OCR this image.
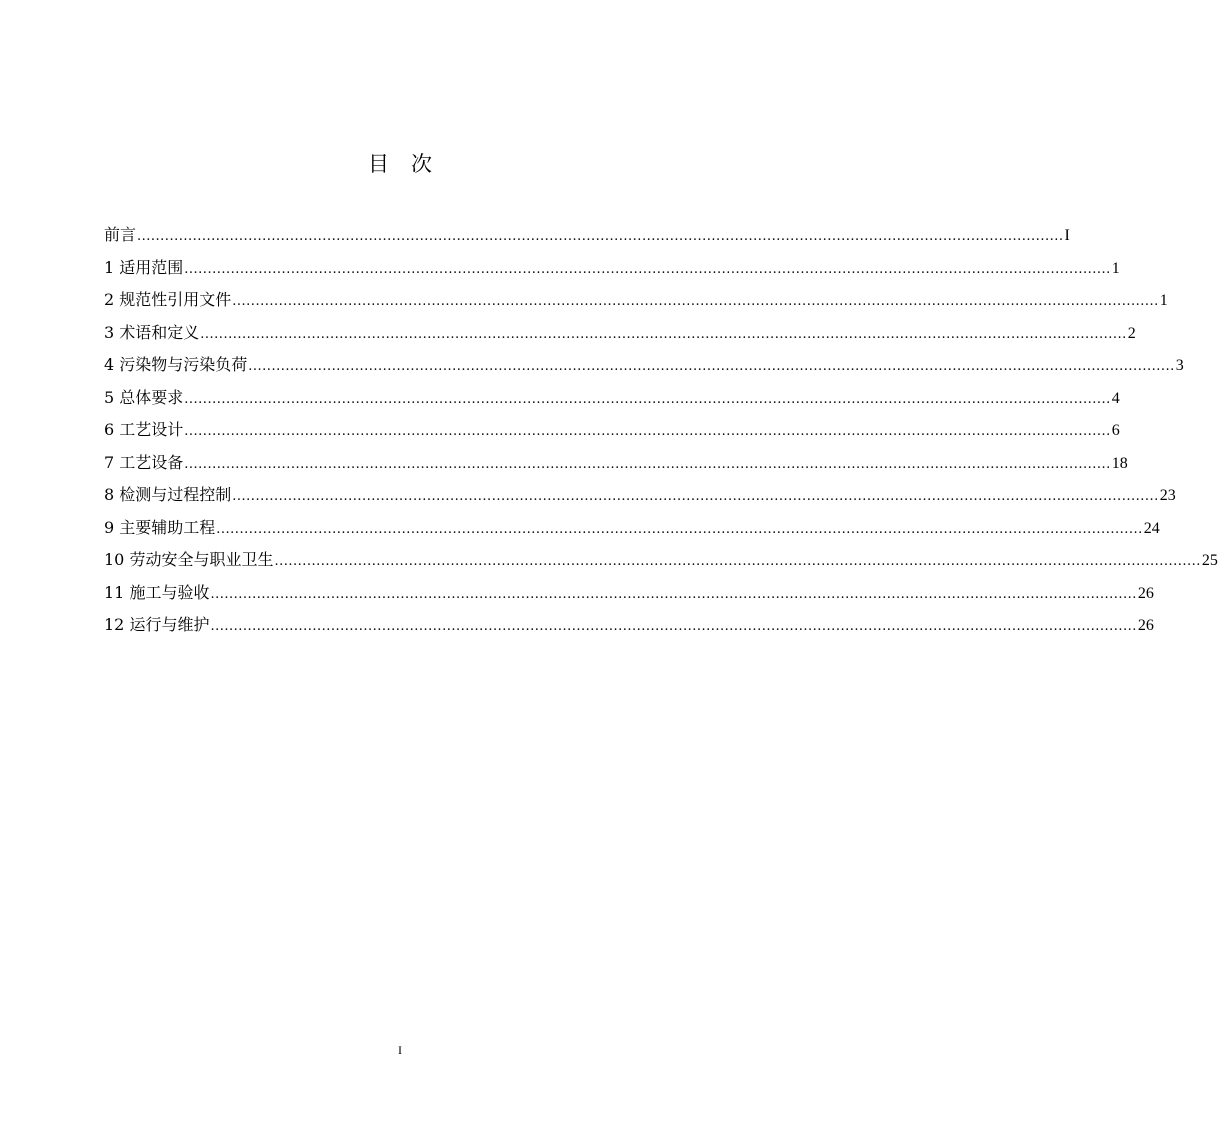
目 次
前言 ........................................................................................................................................................................................................ I
1 适用范围 ........................................................................................................................................................................................................ 1
2 规范性引用文件 ........................................................................................................................................................................................................ 1
3 术语和定义 ........................................................................................................................................................................................................ 2
4 污染物与污染负荷 ........................................................................................................................................................................................................ 3
5 总体要求 ........................................................................................................................................................................................................ 4
6 工艺设计 ........................................................................................................................................................................................................ 6
7 工艺设备 ........................................................................................................................................................................................................ 18
8 检测与过程控制 ........................................................................................................................................................................................................ 23
9 主要辅助工程 ........................................................................................................................................................................................................ 24
10 劳动安全与职业卫生 ........................................................................................................................................................................................................ 25
11 施工与验收 ........................................................................................................................................................................................................ 26
12 运行与维护 ........................................................................................................................................................................................................ 26
I
